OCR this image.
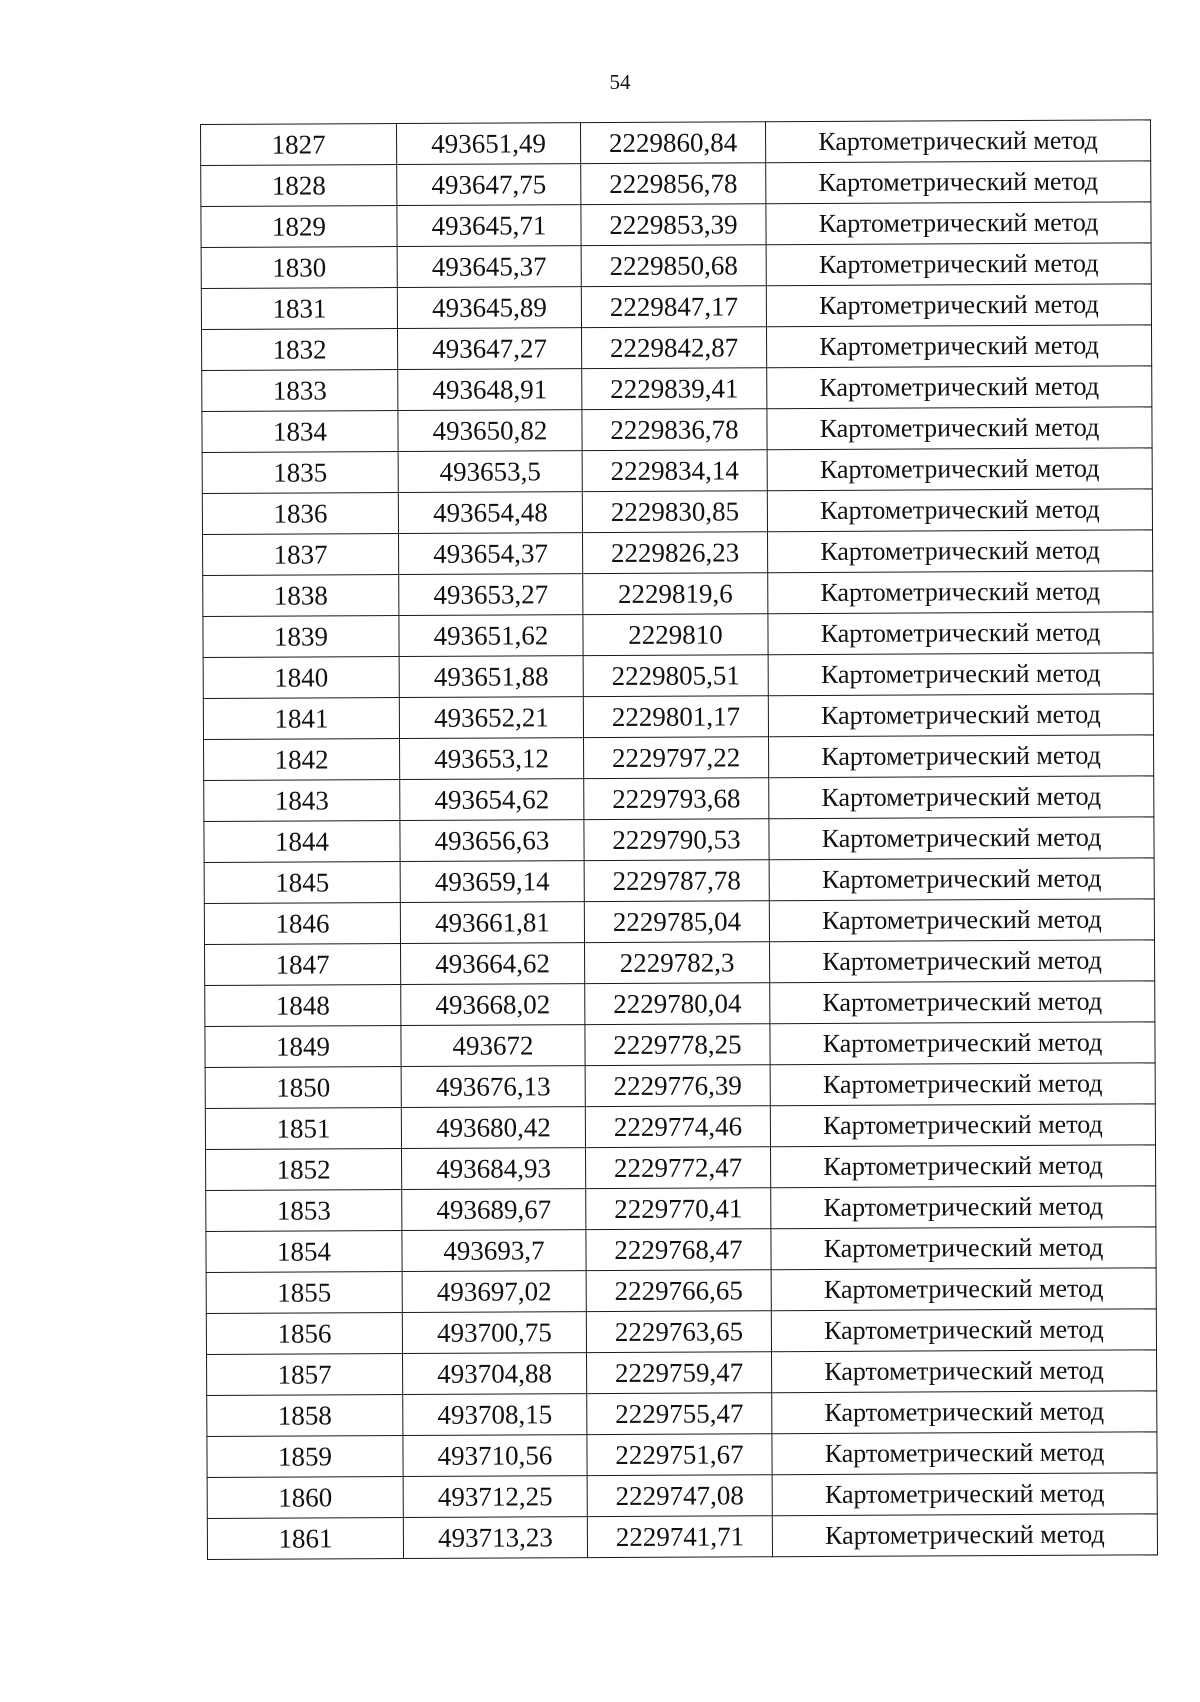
54
1827	493651,49	2229860,84	Картометрический метод
1828	493647,75	2229856,78	Картометрический метод
1829	493645,71	2229853,39	Картометрический метод
1830	493645,37	2229850,68	Картометрический метод
1831	493645,89	2229847,17	Картометрический метод
1832	493647,27	2229842,87	Картометрический метод
1833	493648,91	2229839,41	Картометрический метод
1834	493650,82	2229836,78	Картометрический метод
1835	493653,5	2229834,14	Картометрический метод
1836	493654,48	2229830,85	Картометрический метод
1837	493654,37	2229826,23	Картометрический метод
1838	493653,27	2229819,6	Картометрический метод
1839	493651,62	2229810	Картометрический метод
1840	493651,88	2229805,51	Картометрический метод
1841	493652,21	2229801,17	Картометрический метод
1842	493653,12	2229797,22	Картометрический метод
1843	493654,62	2229793,68	Картометрический метод
1844	493656,63	2229790,53	Картометрический метод
1845	493659,14	2229787,78	Картометрический метод
1846	493661,81	2229785,04	Картометрический метод
1847	493664,62	2229782,3	Картометрический метод
1848	493668,02	2229780,04	Картометрический метод
1849	493672	2229778,25	Картометрический метод
1850	493676,13	2229776,39	Картометрический метод
1851	493680,42	2229774,46	Картометрический метод
1852	493684,93	2229772,47	Картометрический метод
1853	493689,67	2229770,41	Картометрический метод
1854	493693,7	2229768,47	Картометрический метод
1855	493697,02	2229766,65	Картометрический метод
1856	493700,75	2229763,65	Картометрический метод
1857	493704,88	2229759,47	Картометрический метод
1858	493708,15	2229755,47	Картометрический метод
1859	493710,56	2229751,67	Картометрический метод
1860	493712,25	2229747,08	Картометрический метод
1861	493713,23	2229741,71	Картометрический метод
